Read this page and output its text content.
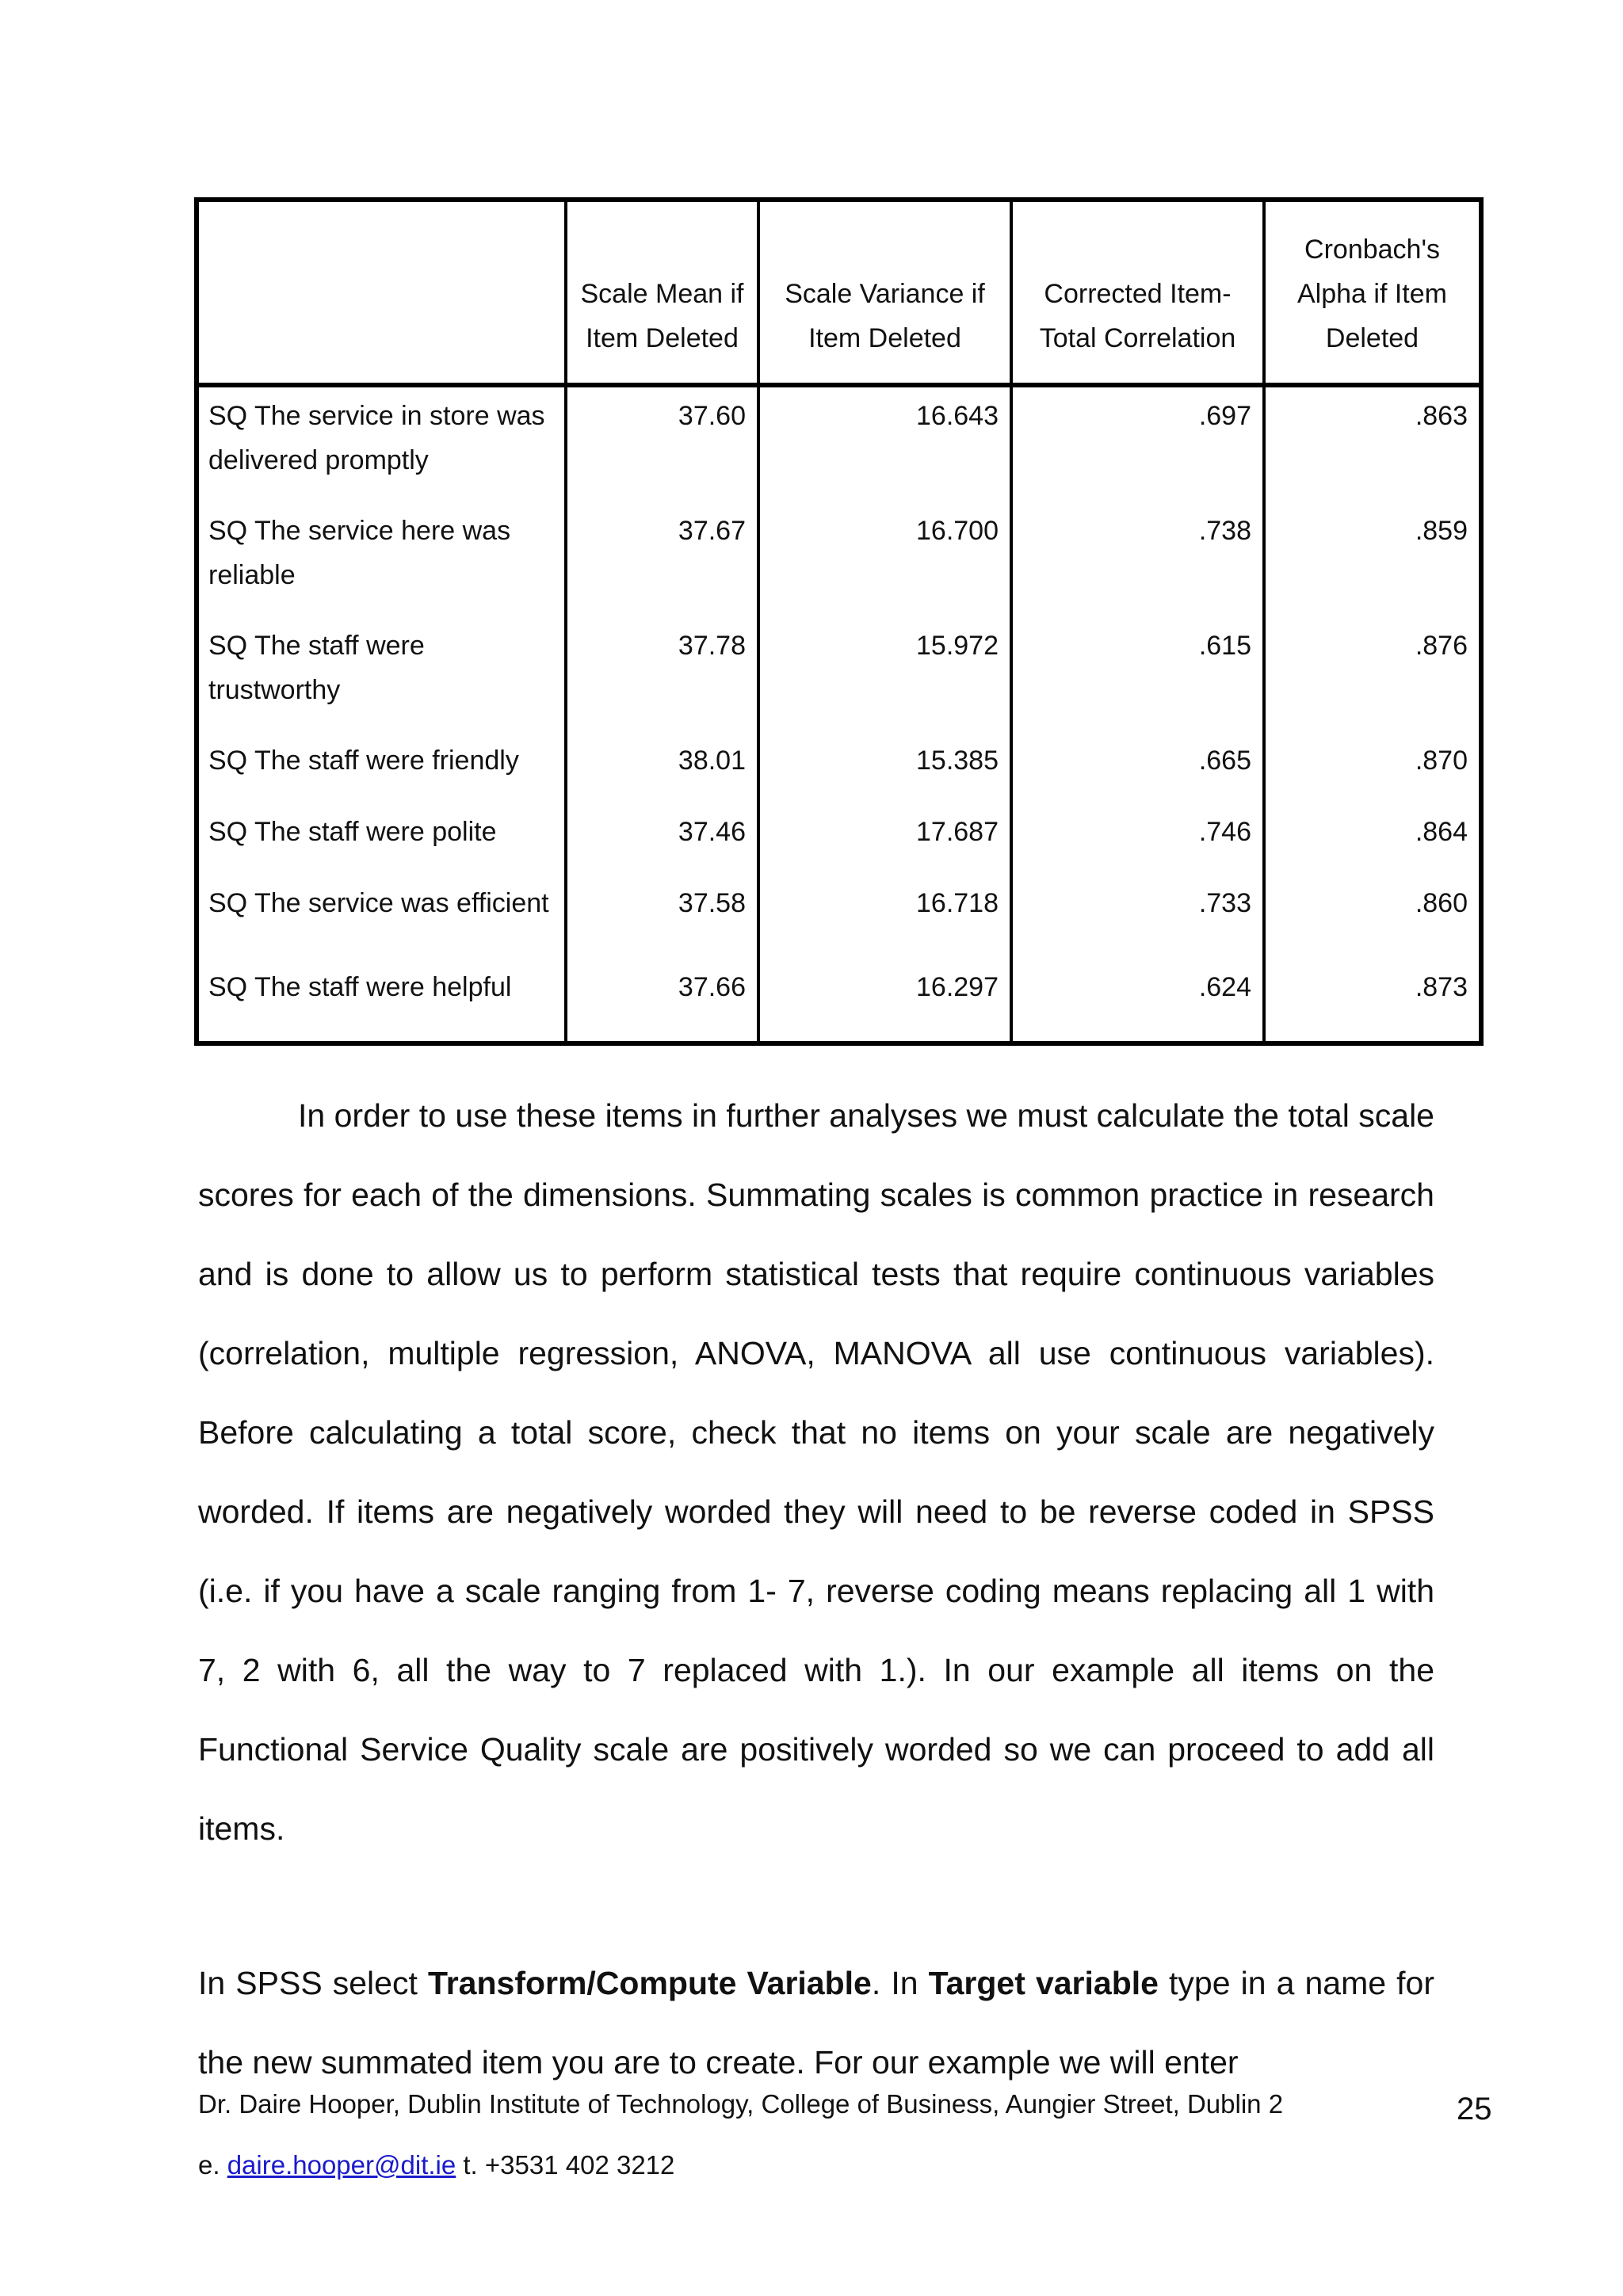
	Scale Mean if Item Deleted	Scale Variance if Item Deleted	Corrected Item-Total Correlation	Cronbach's Alpha if Item Deleted
SQ The service in store was delivered promptly	37.60	16.643	.697	.863
SQ The service here was reliable	37.67	16.700	.738	.859
SQ The staff were trustworthy	37.78	15.972	.615	.876
SQ The staff were friendly	38.01	15.385	.665	.870
SQ The staff were polite	37.46	17.687	.746	.864
SQ The service was efficient	37.58	16.718	.733	.860
SQ The staff were helpful	37.66	16.297	.624	.873

In order to use these items in further analyses we must calculate the total scale scores for each of the dimensions. Summating scales is common practice in research and is done to allow us to perform statistical tests that require continuous variables (correlation, multiple regression, ANOVA, MANOVA all use continuous variables). Before calculating a total score, check that no items on your scale are negatively worded. If items are negatively worded they will need to be reverse coded in SPSS (i.e. if you have a scale ranging from 1- 7, reverse coding means replacing all 1 with 7, 2 with 6, all the way to 7 replaced with 1.). In our example all items on the Functional Service Quality scale are positively worded so we can proceed to add all items.

In SPSS select Transform/Compute Variable. In Target variable type in a name for the new summated item you are to create. For our example we will enter

Dr. Daire Hooper, Dublin Institute of Technology, College of Business, Aungier Street, Dublin 2	25

e. daire.hooper@dit.ie t. +3531 402 3212
